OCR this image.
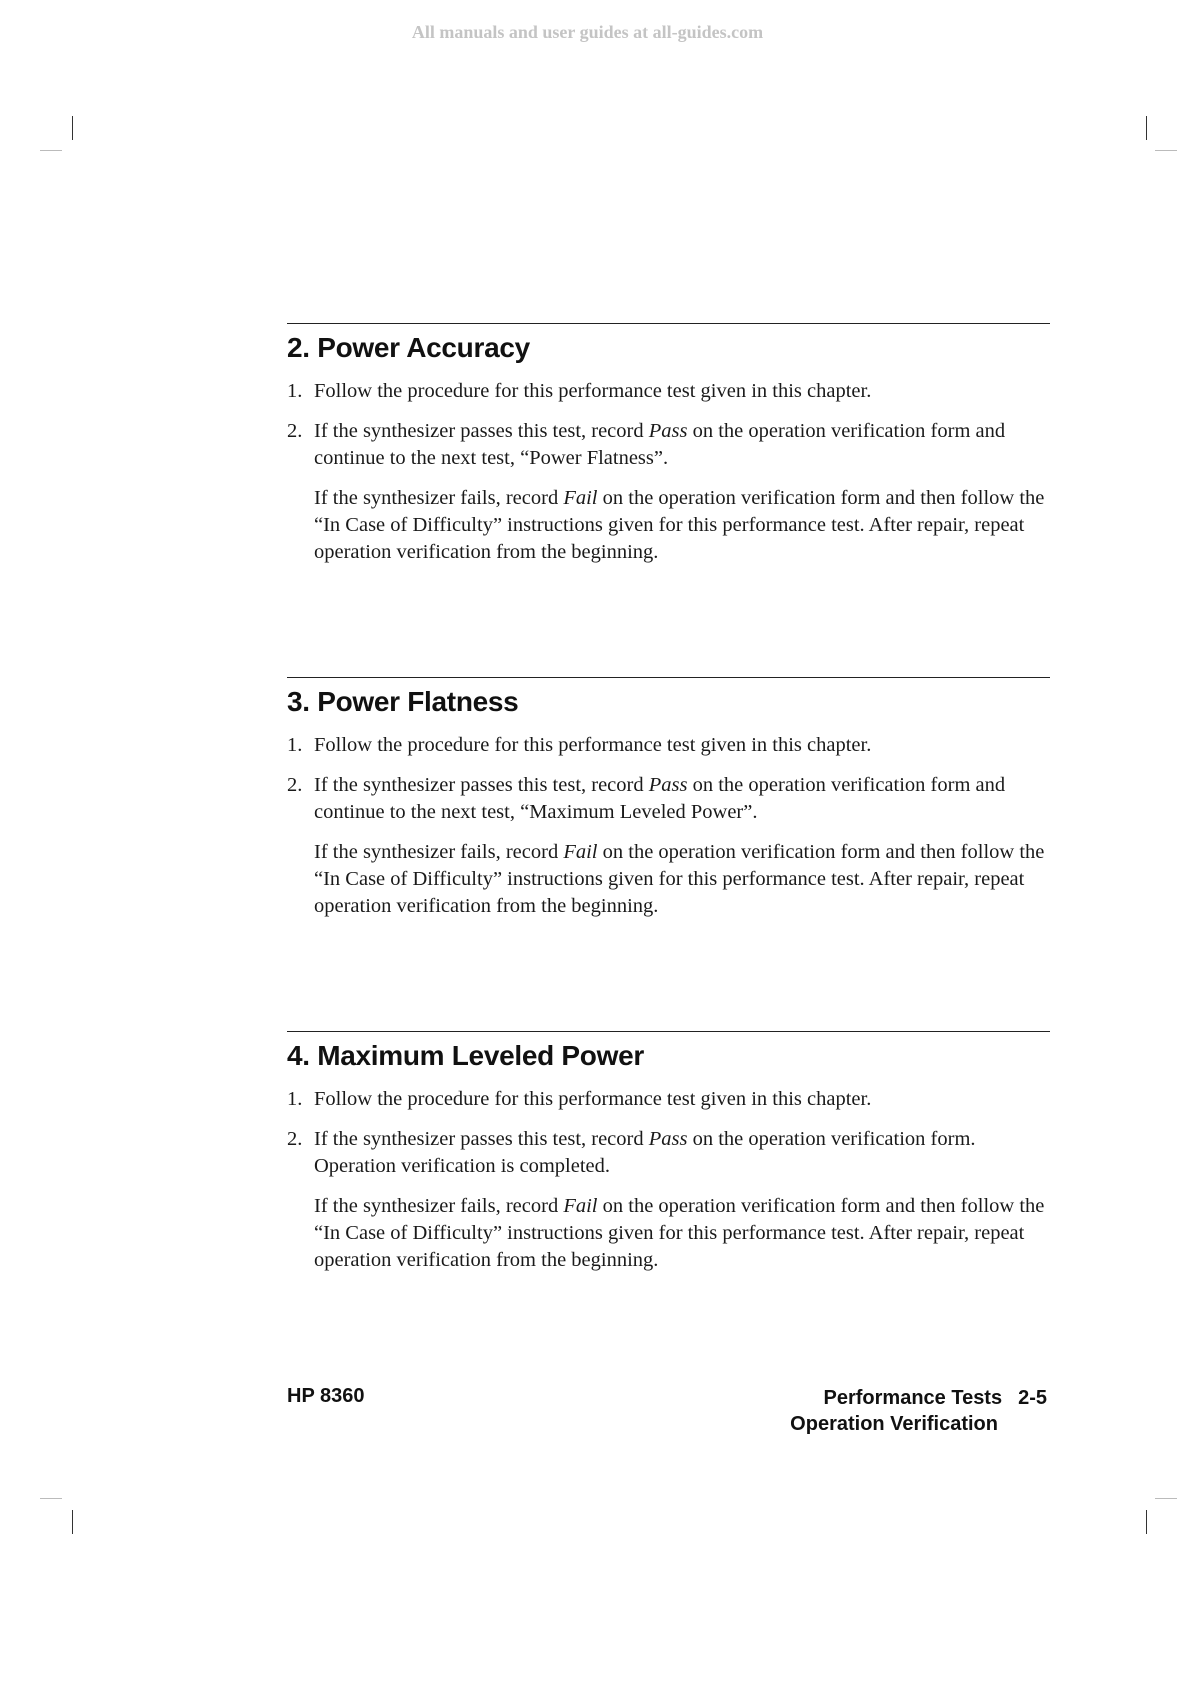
All manuals and user guides at all-guides.com
2. Power Accuracy
1. Follow the procedure for this performance test given in this chapter.
2. If the synthesizer passes this test, record Pass on the operation verification form and continue to the next test, “Power Flatness”.
If the synthesizer fails, record Fail on the operation verification form and then follow the “In Case of Difficulty” instructions given for this performance test. After repair, repeat operation verification from the beginning.
3. Power Flatness
1. Follow the procedure for this performance test given in this chapter.
2. If the synthesizer passes this test, record Pass on the operation verification form and continue to the next test, “Maximum Leveled Power”.
If the synthesizer fails, record Fail on the operation verification form and then follow the “In Case of Difficulty” instructions given for this performance test. After repair, repeat operation verification from the beginning.
4. Maximum Leveled Power
1. Follow the procedure for this performance test given in this chapter.
2. If the synthesizer passes this test, record Pass on the operation verification form. Operation verification is completed.
If the synthesizer fails, record Fail on the operation verification form and then follow the “In Case of Difficulty” instructions given for this performance test. After repair, repeat operation verification from the beginning.
HP 8360	Performance Tests 2-5
Operation Verification
